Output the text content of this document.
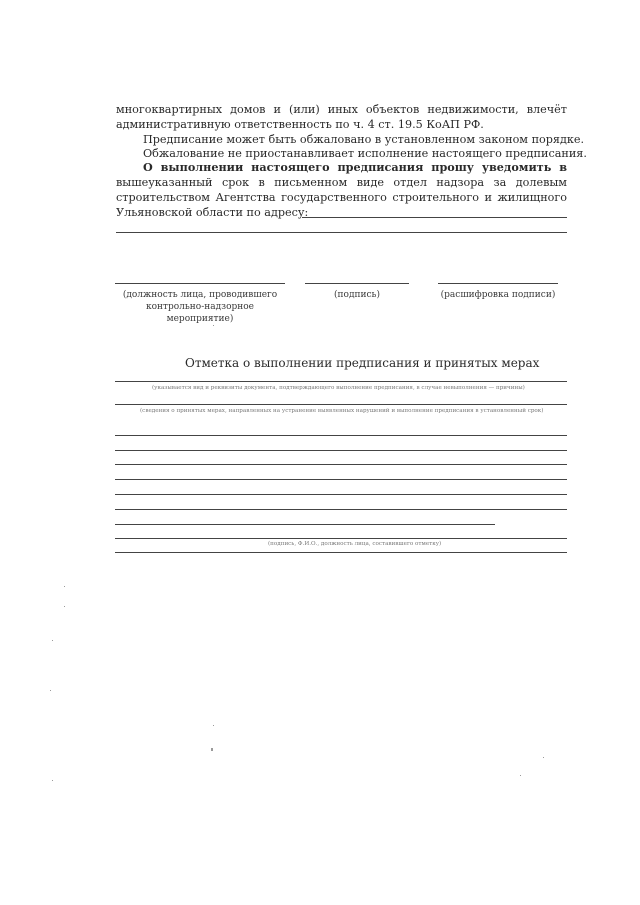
многоквартирных домов и (или) иных объектов недвижимости, влечёт
административную ответственность по ч. 4 ст. 19.5 КоАП РФ.
Предписание может быть обжаловано в установленном законом порядке.
Обжалование не приостанавливает исполнение настоящего предписания.
О выполнении настоящего предписания прошу уведомить в
вышеуказанный срок в письменном виде отдел надзора за долевым
строительством Агентства государственного строительного и жилищного
Ульяновской области по адресу:
(должность лица, проводившего контрольно-надзорное мероприятие)
(подпись)	(расшифровка подписи)
Отметка о выполнении предписания и принятых мерах
(указывается вид и реквизиты документа, подтверждающего выполнение предписания, в случае невыполнения — причины)
(сведения о принятых мерах, направленных на устранение выявленных нарушений и выполнение предписания в установленный срок)
(подпись, Ф.И.О., должность лица, составившего отметку)
